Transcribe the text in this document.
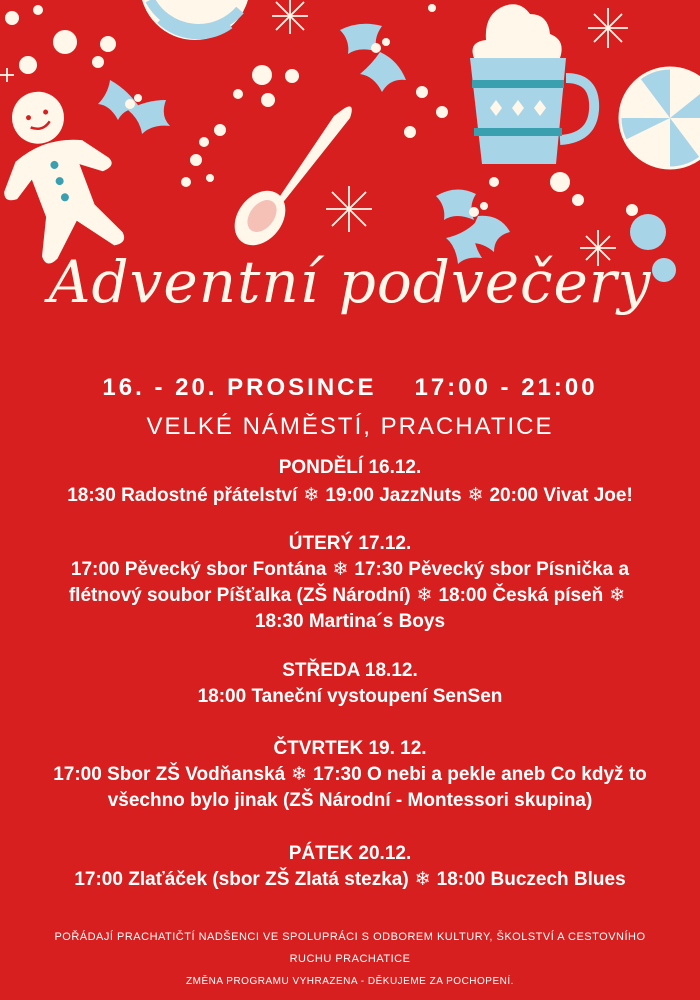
Adventní podvečery
16. - 20. PROSINCE 17:00 - 21:00
VELKÉ NÁMĚSTÍ, PRACHATICE
PONDĚLÍ 16.12.
18:30 Radostné přátelství ❄ 19:00 JazzNuts ❄ 20:00 Vivat Joe!
ÚTERÝ 17.12.
17:00 Pěvecký sbor Fontána ❄ 17:30 Pěvecký sbor Písnička a
flétnový soubor Píšťalka (ZŠ Národní) ❄ 18:00 Česká píseň ❄
18:30 Martina´s Boys
STŘEDA 18.12.
18:00 Taneční vystoupení SenSen
ČTVRTEK 19. 12.
17:00 Sbor ZŠ Vodňanská ❄ 17:30 O nebi a pekle aneb Co když to
všechno bylo jinak (ZŠ Národní - Montessori skupina)
PÁTEK 20.12.
17:00 Zlaťáček (sbor ZŠ Zlatá stezka) ❄ 18:00 Buczech Blues
POŘÁDAJÍ PRACHATIČTÍ NADŠENCI VE SPOLUPRÁCI S ODBOREM KULTURY, ŠKOLSTVÍ A CESTOVNÍHO
RUCHU PRACHATICE
ZMĚNA PROGRAMU VYHRAZENA - DĚKUJEME ZA POCHOPENÍ.
